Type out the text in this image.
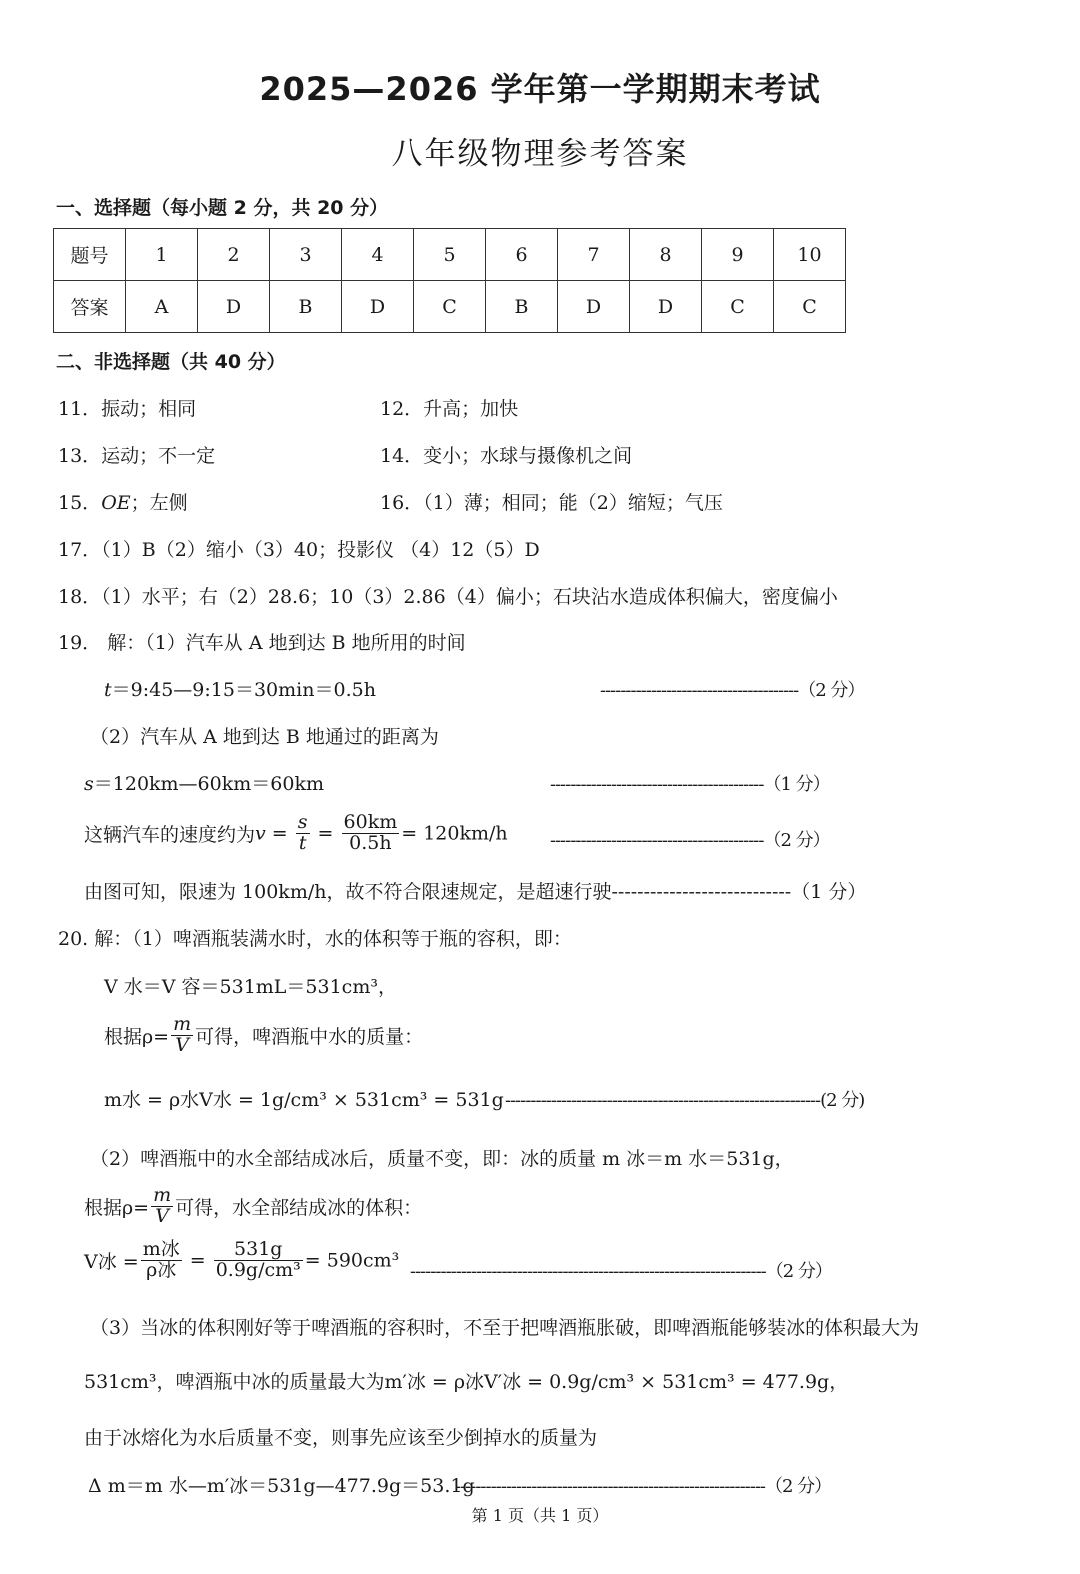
2025—2026 学年第一学期期末考试
八年级物理参考答案
一、选择题（每小题 2 分，共 20 分）
题号	1	2	3	4	5	6	7	8	9	10
答案	A	D	B	D	C	B	D	D	C	C
二、非选择题（共 40 分）
11．振动；相同	12．升高；加快
13．运动；不一定	14．变小；水球与摄像机之间
15．OE；左侧	16．（1）薄；相同；能（2）缩短；气压
17．（1）B（2）缩小（3）40；投影仪 （4）12（5）D
18．（1）水平；右（2）28.6；10（3）2.86（4）偏小；石块沾水造成体积偏大，密度偏小
19． 解：（1）汽车从 A 地到达 B 地所用的时间
t＝9:45—9:15＝30min＝0.5h	---------------------------------------（2 分）
（2）汽车从 A 地到达 B 地通过的距离为
s＝120km—60km＝60km	------------------------------------------（1 分）
这辆汽车的速度约为$v = \frac{s}{t} = \frac{60km}{0.5h} = 120km/h$ ------------------------------------------（2 分）
由图可知，限速为 100km/h，故不符合限速规定，是超速行驶----------------------------（1 分）
20. 解：（1）啤酒瓶装满水时，水的体积等于瓶的容积，即：
V 水＝V 容＝531mL＝531cm³，
根据$\rho= \frac{m}{V}$ 可得，啤酒瓶中水的质量：
m水 = ρ水V水 = 1g/cm³ × 531cm³ = 531g --------------------------------------------------------------(2 分)
（2）啤酒瓶中的水全部结成冰后，质量不变，即：冰的质量 m 冰＝m 水＝531g，
根据$\rho= \frac{m}{V}$ 可得，水全部结成冰的体积：
V冰 = $\frac{\text{m冰}}{\text{ρ冰}} = \frac{531g}{\text{0.9g/cm³}} = 590cm^3$
----------------------------------------------------------------------（2 分）
（3）当冰的体积刚好等于啤酒瓶的容积时，不至于把啤酒瓶胀破，即啤酒瓶能够装冰的体积最大为
531cm³，啤酒瓶中冰的质量最大为m′冰 = ρ冰V′冰 = 0.9g/cm³ × 531cm³ = 477.9g，
由于冰熔化为水后质量不变，则事先应该至少倒掉水的质量为
Δ m＝m 水—m′冰＝531g—477.9g＝53.1g
-------------------------------------------------------------（2 分）
第 1 页（共 1 页）
